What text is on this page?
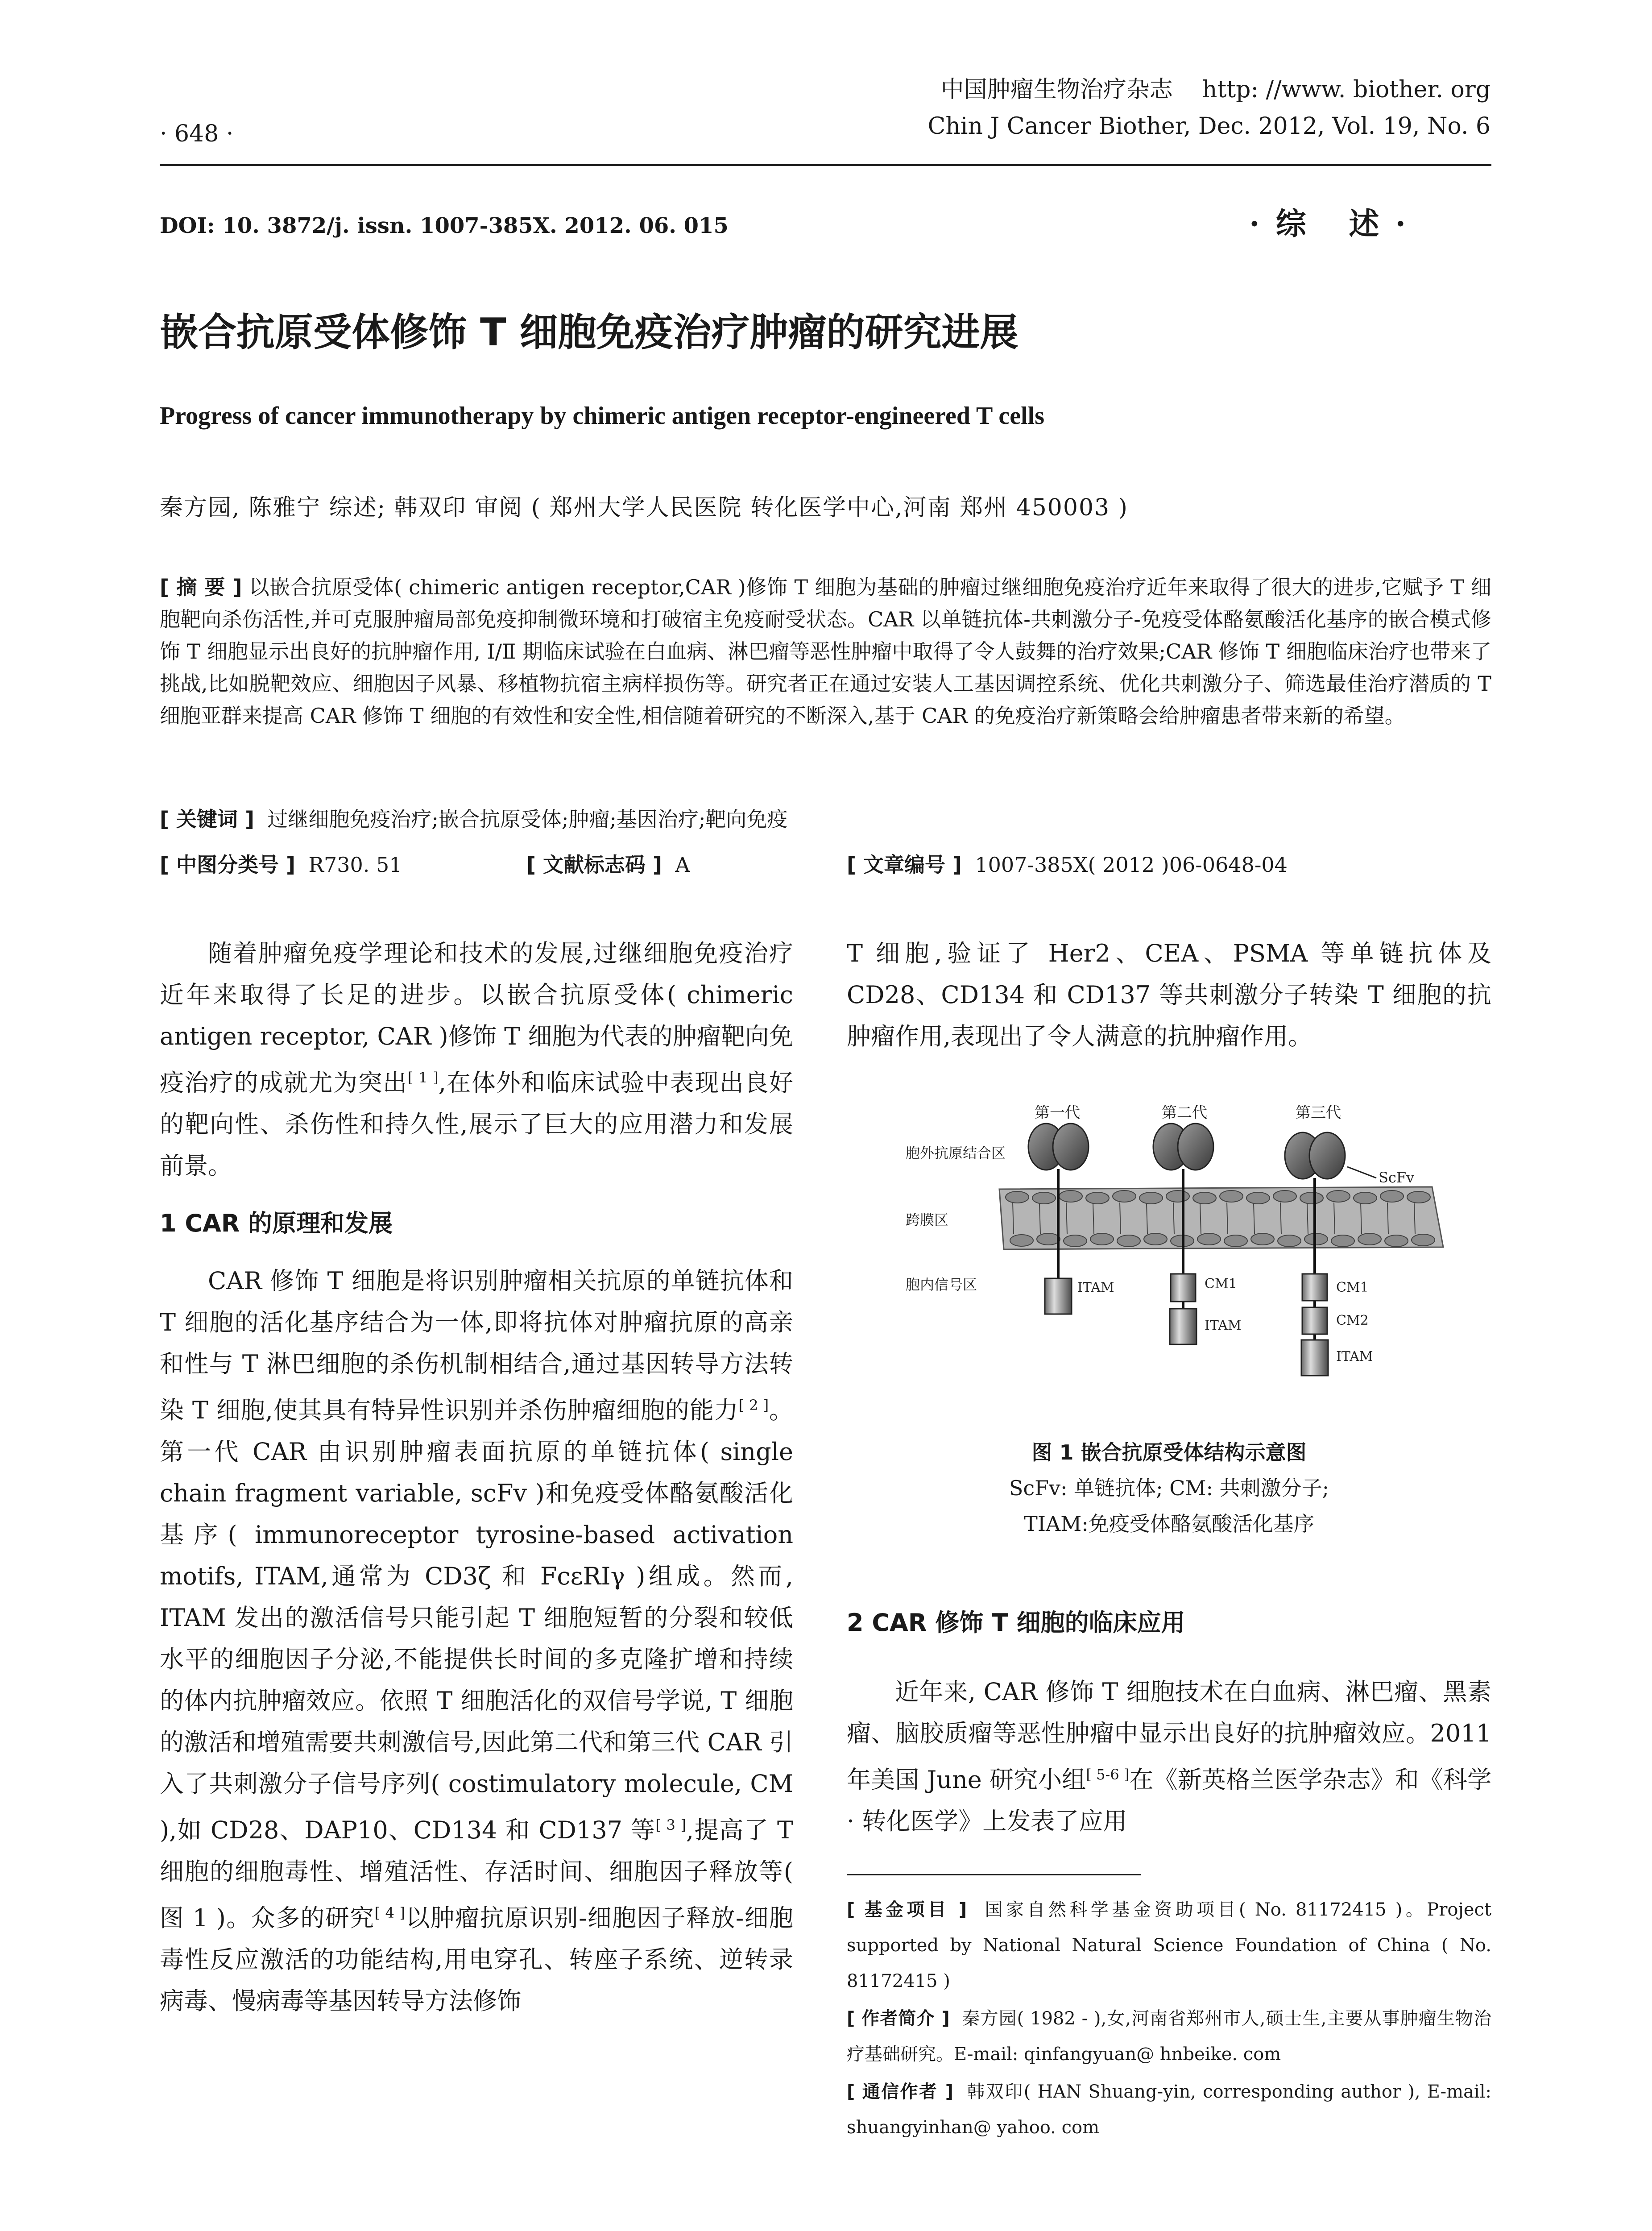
中国肿瘤生物治疗杂志 http: //www. biother. org
Chin J Cancer Biother, Dec. 2012, Vol. 19, No. 6
· 648 ·
DOI: 10. 3872/j. issn. 1007-385X. 2012. 06. 015	·综 述·
嵌合抗原受体修饰 T 细胞免疫治疗肿瘤的研究进展
Progress of cancer immunotherapy by chimeric antigen receptor-engineered T cells
秦方园, 陈雅宁 综述; 韩双印 审阅 ( 郑州大学人民医院 转化医学中心,河南 郑州 450003 )
[ 摘 要 ] 以嵌合抗原受体( chimeric antigen receptor,CAR )修饰 T 细胞为基础的肿瘤过继细胞免疫治疗近年来取得了很大的进步,它赋予 T 细胞靶向杀伤活性,并可克服肿瘤局部免疫抑制微环境和打破宿主免疫耐受状态。CAR 以单链抗体-共刺激分子-免疫受体酪氨酸活化基序的嵌合模式修饰 T 细胞显示出良好的抗肿瘤作用, Ⅰ/Ⅱ 期临床试验在白血病、淋巴瘤等恶性肿瘤中取得了令人鼓舞的治疗效果;CAR 修饰 T 细胞临床治疗也带来了挑战,比如脱靶效应、细胞因子风暴、移植物抗宿主病样损伤等。研究者正在通过安装人工基因调控系统、优化共刺激分子、筛选最佳治疗潜质的 T 细胞亚群来提高 CAR 修饰 T 细胞的有效性和安全性,相信随着研究的不断深入,基于 CAR 的免疫治疗新策略会给肿瘤患者带来新的希望。
[ 关键词 ] 过继细胞免疫治疗;嵌合抗原受体;肿瘤;基因治疗;靶向免疫
[ 中图分类号 ] R730. 51	[ 文献标志码 ] A	[ 文章编号 ] 1007-385X( 2012 )06-0648-04

随着肿瘤免疫学理论和技术的发展,过继细胞免疫治疗近年来取得了长足的进步。以嵌合抗原受体( chimeric antigen receptor, CAR )修饰 T 细胞为代表的肿瘤靶向免疫治疗的成就尤为突出[ 1 ],在体外和临床试验中表现出良好的靶向性、杀伤性和持久性,展示了巨大的应用潜力和发展前景。

1 CAR 的原理和发展

CAR 修饰 T 细胞是将识别肿瘤相关抗原的单链抗体和 T 细胞的活化基序结合为一体,即将抗体对肿瘤抗原的高亲和性与 T 淋巴细胞的杀伤机制相结合,通过基因转导方法转染 T 细胞,使其具有特异性识别并杀伤肿瘤细胞的能力[ 2 ]。第一代 CAR 由识别肿瘤表面抗原的单链抗体( single chain fragment variable, scFv )和免疫受体酪氨酸活化基序( immunoreceptor tyrosine-based activation motifs, ITAM,通常为 CD3ζ 和 FcεRIγ )组成。然而, ITAM 发出的激活信号只能引起 T 细胞短暂的分裂和较低水平的细胞因子分泌,不能提供长时间的多克隆扩增和持续的体内抗肿瘤效应。依照 T 细胞活化的双信号学说, T 细胞的激活和增殖需要共刺激信号,因此第二代和第三代 CAR 引入了共刺激分子信号序列( costimulatory molecule, CM ),如 CD28、DAP10、CD134 和 CD137 等[ 3 ],提高了 T 细胞的细胞毒性、增殖活性、存活时间、细胞因子释放等( 图 1 )。众多的研究[ 4 ]以肿瘤抗原识别-细胞因子释放-细胞毒性反应激活的功能结构,用电穿孔、转座子系统、逆转录病毒、慢病毒等基因转导方法修饰

T 细胞,验证了 Her2、CEA、PSMA 等单链抗体及 CD28、CD134 和 CD137 等共刺激分子转染 T 细胞的抗肿瘤作用,表现出了令人满意的抗肿瘤作用。
第一代	第二代	第三代
胞外抗原结合区
跨膜区
胞内信号区
ScFv
ITAM	CM1
ITAM
CM1
CM2
ITAM
图 1 嵌合抗原受体结构示意图
ScFv: 单链抗体; CM: 共刺激分子;
TIAM:免疫受体酪氨酸活化基序
2 CAR 修饰 T 细胞的临床应用

近年来, CAR 修饰 T 细胞技术在白血病、淋巴瘤、黑素瘤、脑胶质瘤等恶性肿瘤中显示出良好的抗肿瘤效应。2011 年美国 June 研究小组[ 5-6 ]在《新英格兰医学杂志》和《科学 · 转化医学》上发表了应用

[ 基金项目 ] 国家自然科学基金资助项目( No. 81172415 )。Project supported by National Natural Science Foundation of China ( No. 81172415 )
[ 作者简介 ] 秦方园( 1982 - ),女,河南省郑州市人,硕士生,主要从事肿瘤生物治疗基础研究。E-mail: qinfangyuan@ hnbeike. com
[ 通信作者 ] 韩双印( HAN Shuang-yin, corresponding author ), E-mail: shuangyinhan@ yahoo. com
